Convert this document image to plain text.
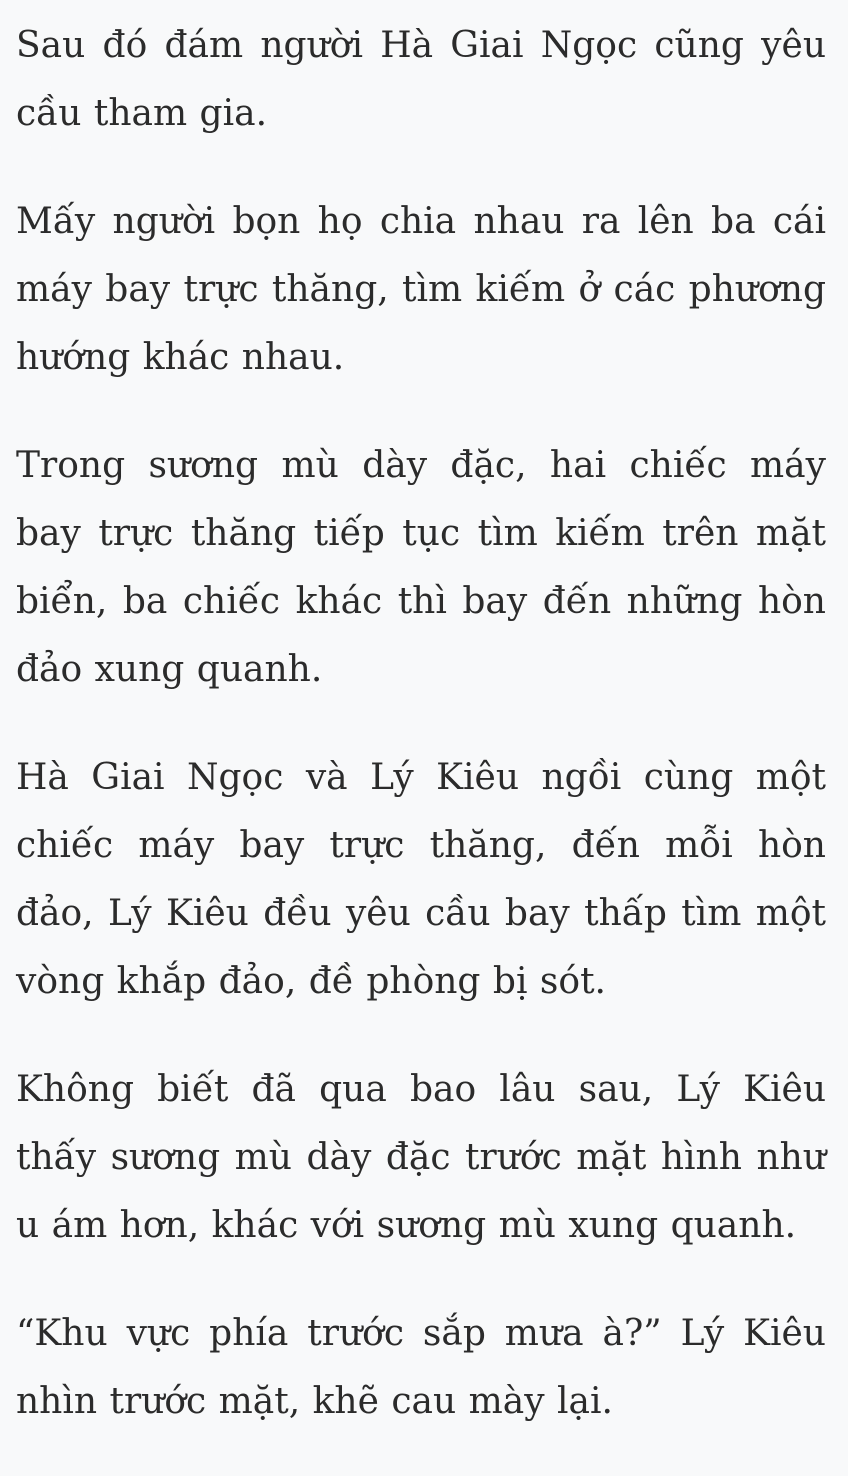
Sau đó đám người Hà Giai Ngọc cũng yêu cầu tham gia.

Mấy người bọn họ chia nhau ra lên ba cái máy bay trực thăng, tìm kiếm ở các phương hướng khác nhau.

Trong sương mù dày đặc, hai chiếc máy bay trực thăng tiếp tục tìm kiếm trên mặt biển, ba chiếc khác thì bay đến những hòn đảo xung quanh.

Hà Giai Ngọc và Lý Kiêu ngồi cùng một chiếc máy bay trực thăng, đến mỗi hòn đảo, Lý Kiêu đều yêu cầu bay thấp tìm một vòng khắp đảo, đề phòng bị sót.

Không biết đã qua bao lâu sau, Lý Kiêu thấy sương mù dày đặc trước mặt hình như u ám hơn, khác với sương mù xung quanh.

“Khu vực phía trước sắp mưa à?” Lý Kiêu nhìn trước mặt, khẽ cau mày lại.
